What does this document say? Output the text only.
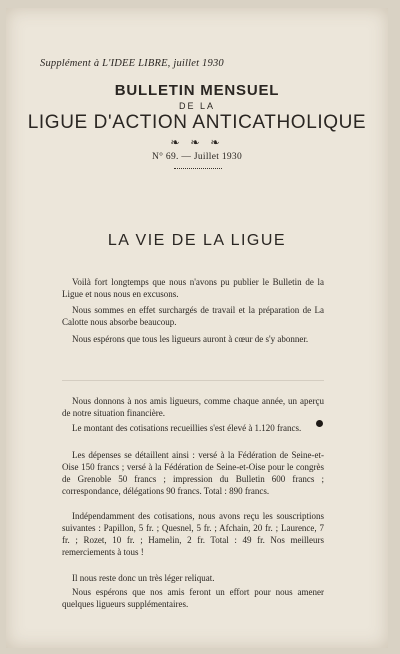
Supplément à L'IDEE LIBRE, juillet 1930
BULLETIN MENSUEL
DE LA
LIGUE D'ACTION ANTICATHOLIQUE
❧ ❧ ❧
N° 69. — Juillet 1930
LA VIE DE LA LIGUE
Voilà fort longtemps que nous n'avons pu publier le Bulletin de la Ligue et nous nous en excusons.
Nous sommes en effet surchargés de travail et la préparation de La Calotte nous absorbe beaucoup.
Nous espérons que tous les ligueurs auront à cœur de s'y abonner.
Nous donnons à nos amis ligueurs, comme chaque année, un aperçu de notre situation financière.
Le montant des cotisations recueillies s'est élevé à 1.120 francs.
Les dépenses se détaillent ainsi : versé à la Fédération de Seine-et-Oise 150 francs ; versé à la Fédération de Seine-et-Oise pour le congrès de Grenoble 50 francs ; impression du Bulletin 600 francs ; correspondance, délégations 90 francs. Total : 890 francs.
Indépendamment des cotisations, nous avons reçu les souscriptions suivantes : Papillon, 5 fr. ; Quesnel, 5 fr. ; Afchain, 20 fr. ; Laurence, 7 fr. ; Rozet, 10 fr. ; Hamelin, 2 fr. Total : 49 fr. Nos meilleurs remerciements à tous !
Il nous reste donc un très léger reliquat.
Nous espérons que nos amis feront un effort pour nous amener quelques ligueurs supplémentaires.
